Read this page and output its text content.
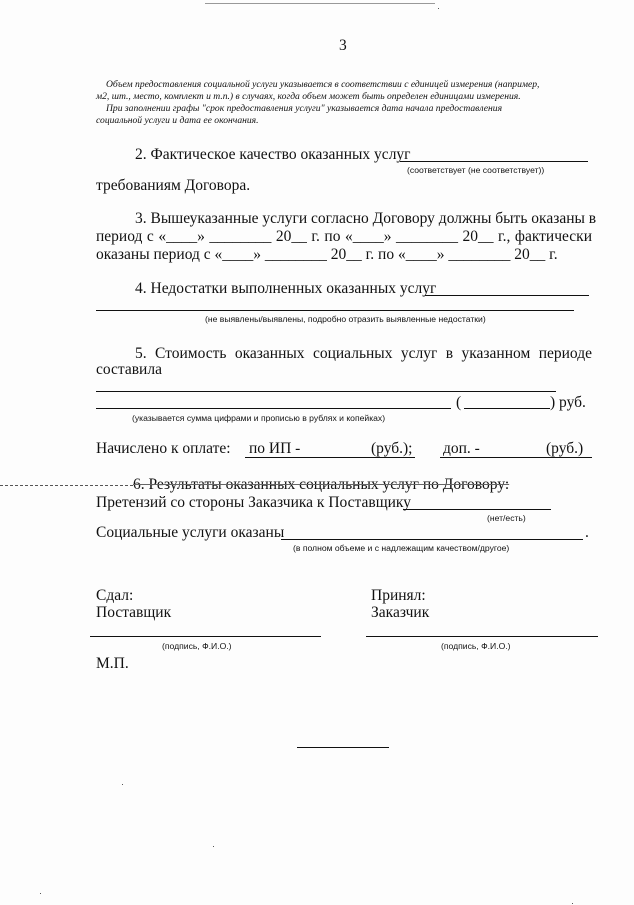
3
Объем предоставления социальной услуги указывается в соответствии с единицей измерения (например,
м2, шт., место, комплект и т.п.) в случаях, когда объем может быть определен единицами измерения.
При заполнении графы "срок предоставления услуги" указывается дата начала предоставления
социальной услуги и дата ее окончания.
2. Фактическое качество оказанных услуг
(соответствует (не соответствует))
требованиям Договора.
3. Вышеуказанные услуги согласно Договору должны быть оказаны в
период с «____» ________ 20__ г. по «____» ________ 20__ г., фактически
оказаны период с «____» ________ 20__ г. по «____» ________ 20__ г.
4. Недостатки выполненных оказанных услуг
(не выявлены/выявлены, подробно отразить выявленные недостатки)
5. Стоимость оказанных социальных услуг в указанном периоде
составила
(	) руб.
(указывается сумма цифрами и прописью в рублях и копейках)
Начислено к оплате: по ИП -	(руб.); доп. -	(руб.)
6. Результаты оказанных социальных услуг по Договору:
Претензий со стороны Заказчика к Поставщику
(нет/есть)
Социальные услуги оказаны	.
(в полном объеме и с надлежащим качеством/другое)
Сдал:
Поставщик
(подпись, Ф.И.О.)
Принял:
Заказчик
(подпись, Ф.И.О.)
М.П.
